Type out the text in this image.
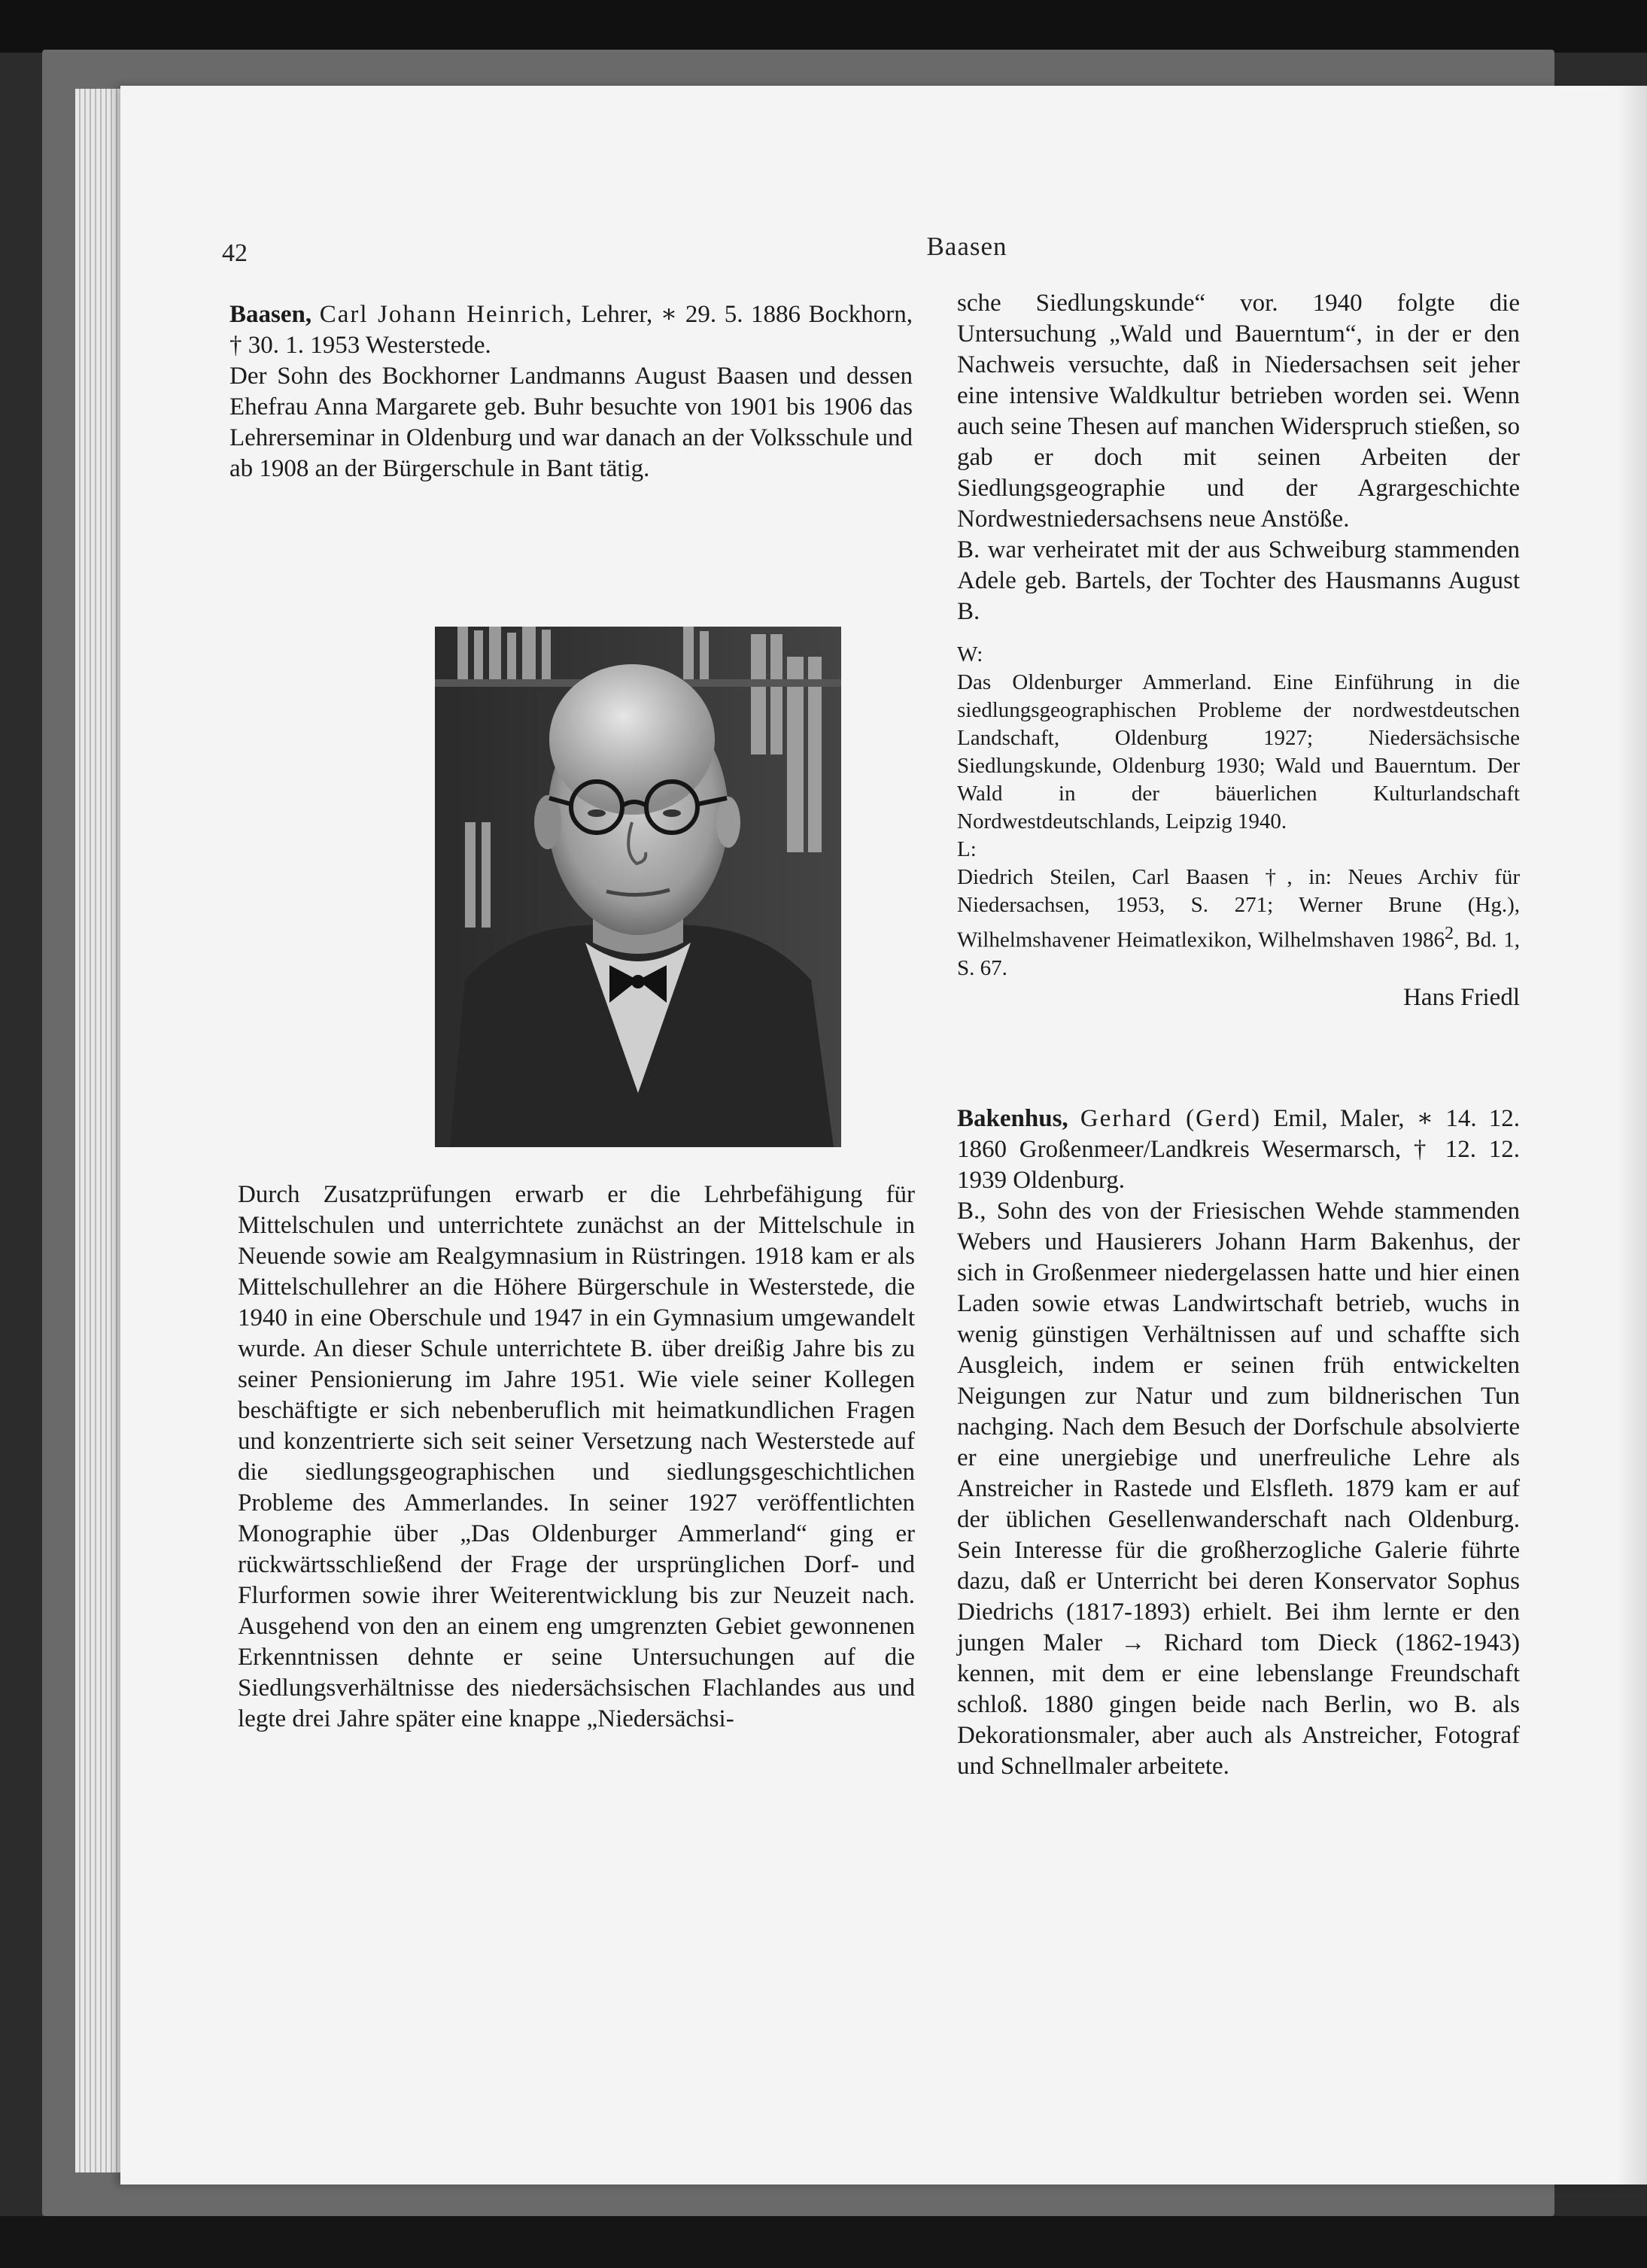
42	Baasen

Baasen, Carl Johann Heinrich, Lehrer, ∗ 29. 5. 1886 Bockhorn, † 30. 1. 1953 Westerstede.

Der Sohn des Bockhorner Landmanns August Baasen und dessen Ehefrau Anna Margarete geb. Buhr besuchte von 1901 bis 1906 das Lehrerseminar in Oldenburg und war danach an der Volksschule und ab 1908 an der Bürgerschule in Bant tätig.

Durch Zusatzprüfungen erwarb er die Lehrbefähigung für Mittelschulen und unterrichtete zunächst an der Mittelschule in Neuende sowie am Realgymnasium in Rüstringen. 1918 kam er als Mittelschullehrer an die Höhere Bürgerschule in Westerstede, die 1940 in eine Oberschule und 1947 in ein Gymnasium umgewandelt wurde. An dieser Schule unterrichtete B. über dreißig Jahre bis zu seiner Pensionierung im Jahre 1951. Wie viele seiner Kollegen beschäftigte er sich nebenberuflich mit heimatkundlichen Fragen und konzentrierte sich seit seiner Versetzung nach Westerstede auf die siedlungsgeographischen und siedlungsgeschichtlichen Probleme des Ammerlandes. In seiner 1927 veröffentlichten Monographie über „Das Oldenburger Ammerland“ ging er rückwärtsschließend der Frage der ursprünglichen Dorf- und Flurformen sowie ihrer Weiterentwicklung bis zur Neuzeit nach. Ausgehend von den an einem eng umgrenzten Gebiet gewonnenen Erkenntnissen dehnte er seine Untersuchungen auf die Siedlungsverhältnisse des niedersächsischen Flachlandes aus und legte drei Jahre später eine knappe „Niedersächsi-

sche Siedlungskunde“ vor. 1940 folgte die Untersuchung „Wald und Bauerntum“, in der er den Nachweis versuchte, daß in Niedersachsen seit jeher eine intensive Waldkultur betrieben worden sei. Wenn auch seine Thesen auf manchen Widerspruch stießen, so gab er doch mit seinen Arbeiten der Siedlungsgeographie und der Agrargeschichte Nordwestniedersachsens neue Anstöße.

B. war verheiratet mit der aus Schweiburg stammenden Adele geb. Bartels, der Tochter des Hausmanns August B.

W:

Das Oldenburger Ammerland. Eine Einführung in die siedlungsgeographischen Probleme der nordwestdeutschen Landschaft, Oldenburg 1927; Niedersächsische Siedlungskunde, Oldenburg 1930; Wald und Bauerntum. Der Wald in der bäuerlichen Kulturlandschaft Nordwestdeutschlands, Leipzig 1940.

L:

Diedrich Steilen, Carl Baasen †, in: Neues Archiv für Niedersachsen, 1953, S. 271; Werner Brune (Hg.), Wilhelmshavener Heimatlexikon, Wilhelmshaven 1986$^2$, Bd. 1, S. 67.

Hans Friedl

Bakenhus, Gerhard (Gerd) Emil, Maler, ∗ 14. 12. 1860 Großenmeer/Landkreis Wesermarsch, † 12. 12. 1939 Oldenburg.

B., Sohn des von der Friesischen Wehde stammenden Webers und Hausierers Johann Harm Bakenhus, der sich in Großenmeer niedergelassen hatte und hier einen Laden sowie etwas Landwirtschaft betrieb, wuchs in wenig günstigen Verhältnissen auf und schaffte sich Ausgleich, indem er seinen früh entwickelten Neigungen zur Natur und zum bildnerischen Tun nachging. Nach dem Besuch der Dorfschule absolvierte er eine unergiebige und unerfreuliche Lehre als Anstreicher in Rastede und Elsfleth. 1879 kam er auf der üblichen Gesellenwanderschaft nach Oldenburg. Sein Interesse für die großherzogliche Galerie führte dazu, daß er Unterricht bei deren Konservator Sophus Diedrichs (1817-1893) erhielt. Bei ihm lernte er den jungen Maler → Richard tom Dieck (1862-1943) kennen, mit dem er eine lebenslange Freundschaft schloß. 1880 gingen beide nach Berlin, wo B. als Dekorationsmaler, aber auch als Anstreicher, Fotograf und Schnellmaler arbeitete.
